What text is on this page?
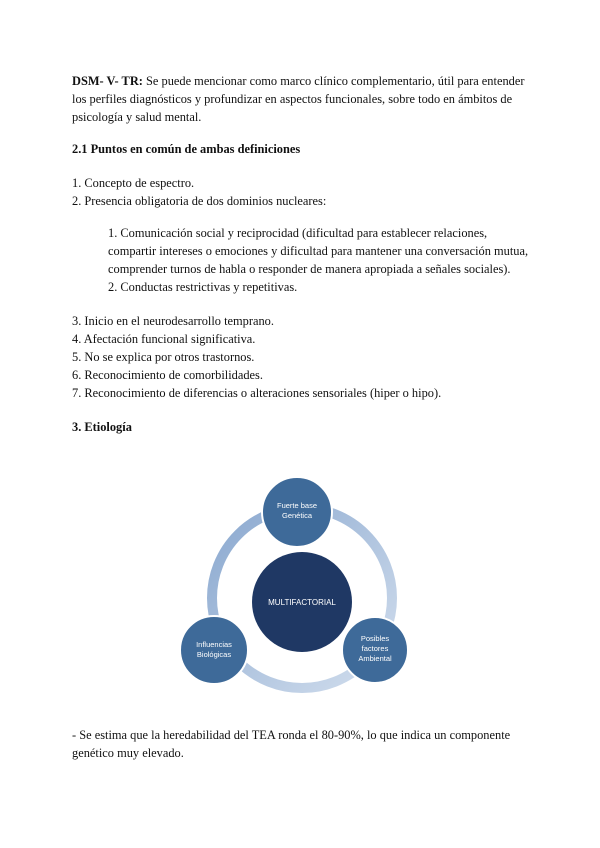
DSM- V- TR: Se puede mencionar como marco clínico complementario, útil para entender los perfiles diagnósticos y profundizar en aspectos funcionales, sobre todo en ámbitos de psicología y salud mental.

2.1 Puntos en común de ambas definiciones

1. Concepto de espectro.

2. Presencia obligatoria de dos dominios nucleares:

1. Comunicación social y reciprocidad (dificultad para establecer relaciones, compartir intereses o emociones y dificultad para mantener una conversación mutua, comprender turnos de habla o responder de manera apropiada a señales sociales).

2. Conductas restrictivas y repetitivas.

3. Inicio en el neurodesarrollo temprano.

4. Afectación funcional significativa.

5. No se explica por otros trastornos.

6. Reconocimiento de comorbilidades.

7. Reconocimiento de diferencias o alteraciones sensoriales (hiper o hipo).

3. Etiología

MULTIFACTORIAL
Fuerte base
Genética
Posibles
factores
Ambiental
Influencias
Biológicas

- Se estima que la heredabilidad del TEA ronda el 80-90%, lo que indica un componente genético muy elevado.
